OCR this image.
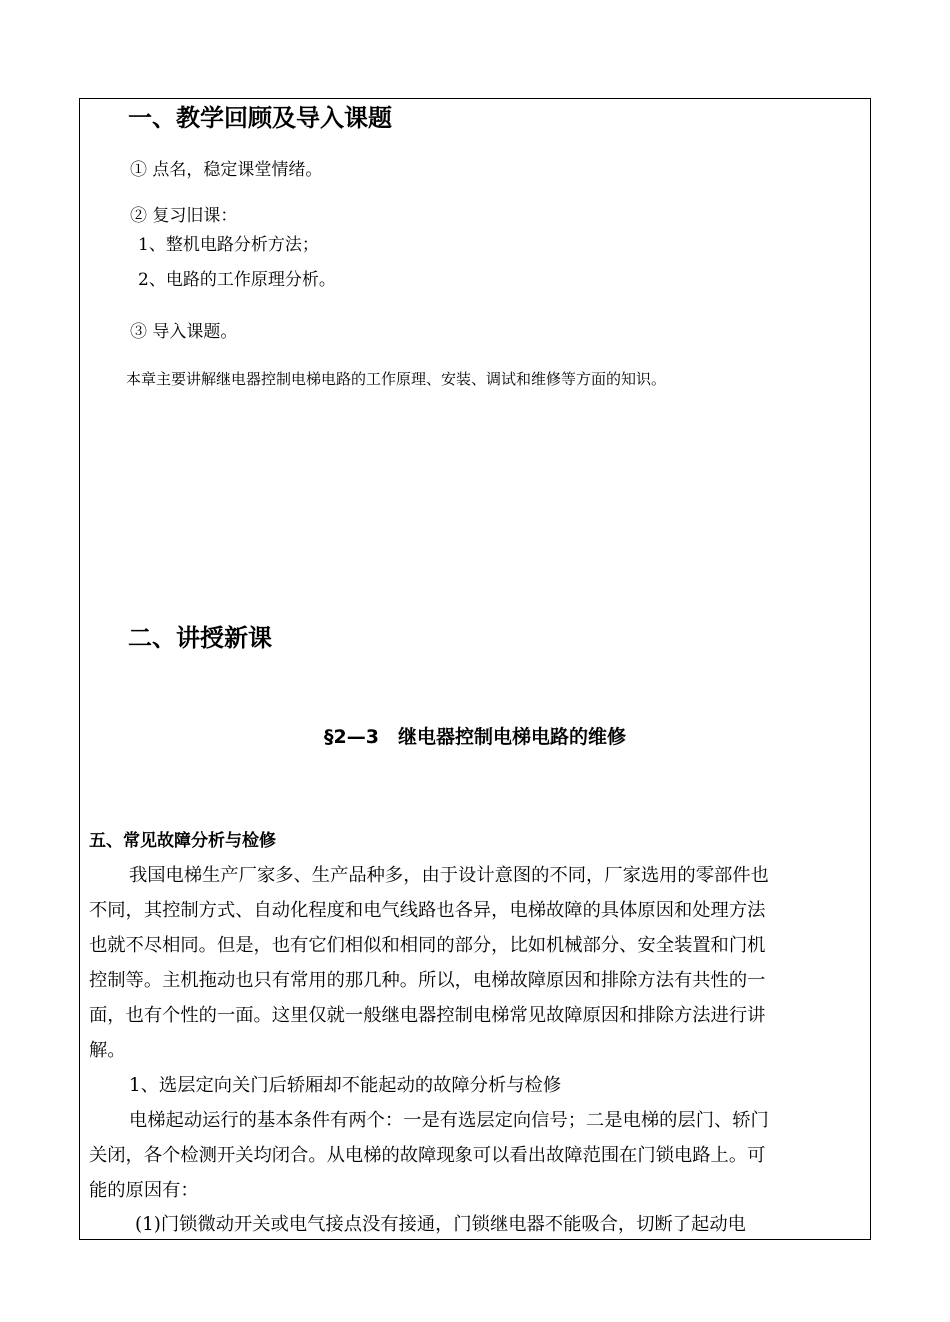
一、教学回顾及导入课题
① 点名，稳定课堂情绪。
② 复习旧课：
1、整机电路分析方法；
2、电路的工作原理分析。
③ 导入课题。
本章主要讲解继电器控制电梯电路的工作原理、安装、调试和维修等方面的知识。
二、讲授新课
§2—3　继电器控制电梯电路的维修
五、常见故障分析与检修
我国电梯生产厂家多、生产品种多，由于设计意图的不同，厂家选用的零部件也
不同，其控制方式、自动化程度和电气线路也各异，电梯故障的具体原因和处理方法
也就不尽相同。但是，也有它们相似和相同的部分，比如机械部分、安全装置和门机
控制等。主机拖动也只有常用的那几种。所以，电梯故障原因和排除方法有共性的一
面，也有个性的一面。这里仅就一般继电器控制电梯常见故障原因和排除方法进行讲
解。
1、选层定向关门后轿厢却不能起动的故障分析与检修
电梯起动运行的基本条件有两个：一是有选层定向信号；二是电梯的层门、轿门
关闭，各个检测开关均闭合。从电梯的故障现象可以看出故障范围在门锁电路上。可
能的原因有：
(1)门锁微动开关或电气接点没有接通，门锁继电器不能吸合，切断了起动电
